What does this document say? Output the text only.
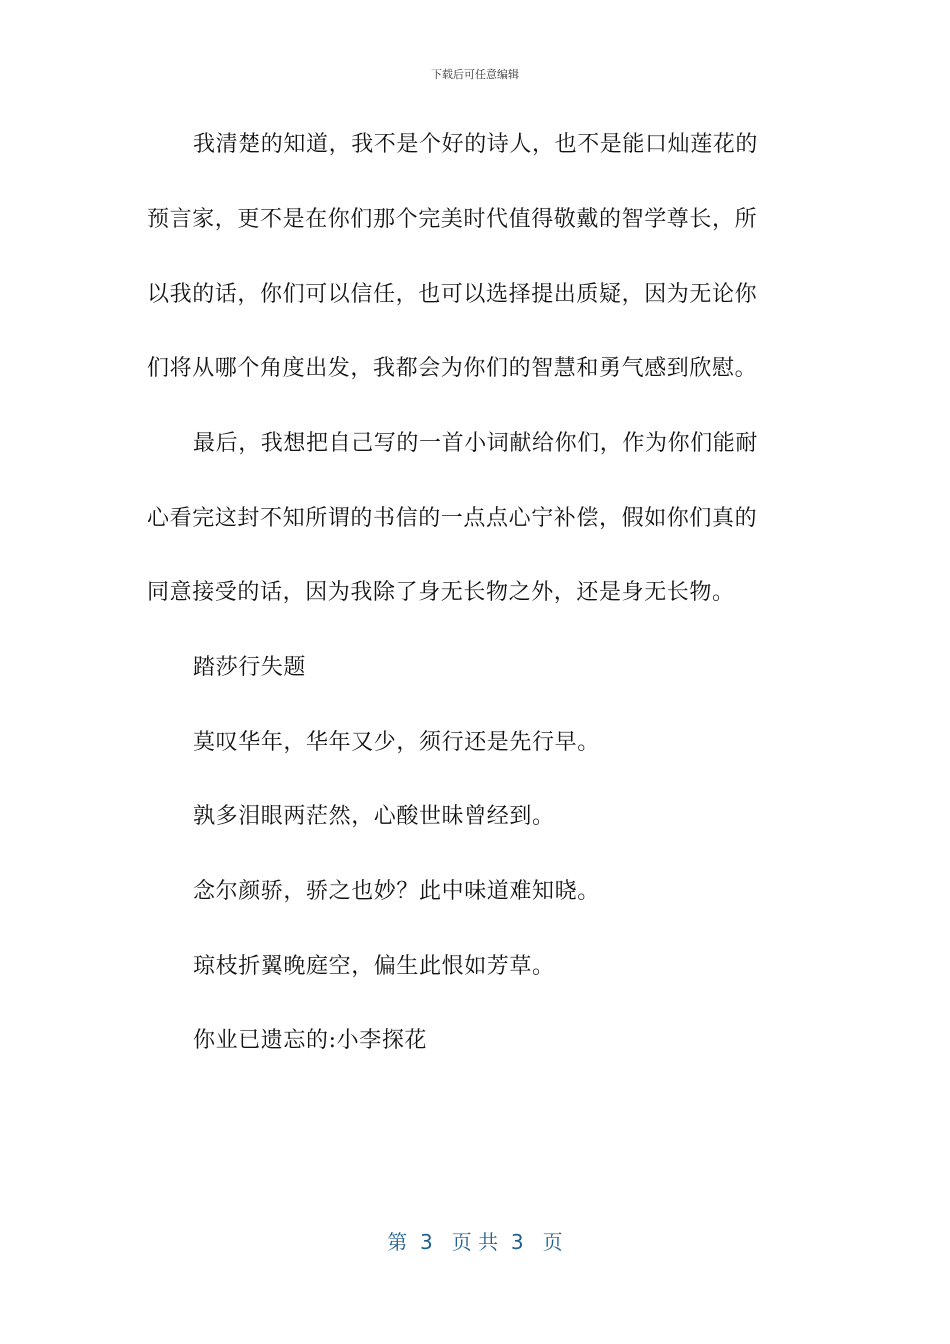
下载后可任意编辑
我清楚的知道，我不是个好的诗人，也不是能口灿莲花的
预言家，更不是在你们那个完美时代值得敬戴的智学尊长，所
以我的话，你们可以信任，也可以选择提出质疑，因为无论你
们将从哪个角度出发，我都会为你们的智慧和勇气感到欣慰。
最后，我想把自己写的一首小词献给你们，作为你们能耐
心看完这封不知所谓的书信的一点点心宁补偿，假如你们真的
同意接受的话，因为我除了身无长物之外，还是身无长物。
踏莎行失题
莫叹华年，华年又少，须行还是先行早。
孰多泪眼两茫然，心酸世昧曾经到。
念尔颜骄，骄之也妙？此中味道难知晓。
琼枝折翼晚庭空，偏生此恨如芳草。
你业已遗忘的:小李探花
第  3   页 共  3   页
